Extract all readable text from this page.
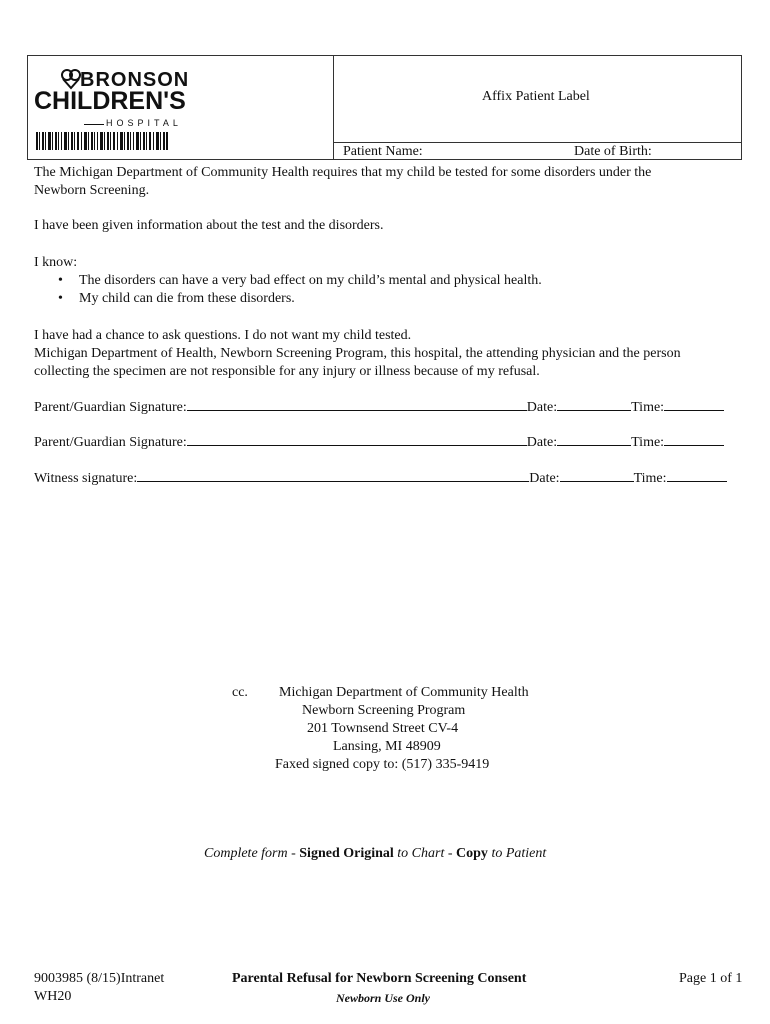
BRONSON
CHILDREN'S
HOSPITAL
Affix Patient Label
Patient Name:	Date of Birth:
The Michigan Department of Community Health requires that my child be tested for some disorders under the
Newborn Screening.
I have been given information about the test and the disorders.
I know:
• The disorders can have a very bad effect on my child’s mental and physical health.
• My child can die from these disorders.
I have had a chance to ask questions. I do not want my child tested.
Michigan Department of Health, Newborn Screening Program, this hospital, the attending physician and the person
collecting the specimen are not responsible for any injury or illness because of my refusal.
Parent/Guardian Signature:	Date:	Time:
Parent/Guardian Signature:	Date:	Time:
Witness signature:	Date:	Time:
cc. Michigan Department of Community Health
Newborn Screening Program
201 Townsend Street CV-4
Lansing, MI 48909
Faxed signed copy to: (517) 335-9419
Complete form - Signed Original to Chart - Copy to Patient
9003985 (8/15)Intranet
WH20
Parental Refusal for Newborn Screening Consent
Newborn Use Only
Page 1 of 1
